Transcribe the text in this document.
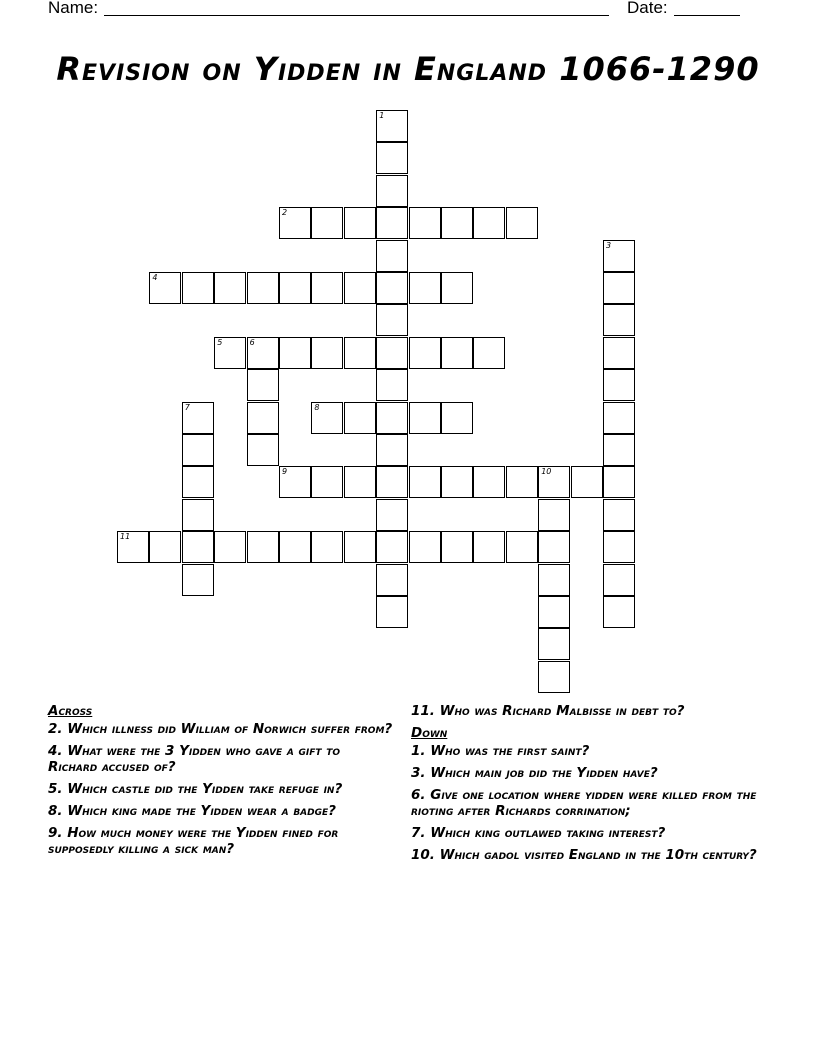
Name:	Date:
Revision on Yidden in England 1066-1290
2
4
5	6
8
9	10
11
1
3
7
Across
2. Which illness did William of Norwich suffer from?
4. What were the 3 Yidden who gave a gift to Richard accused of?
5. Which castle did the Yidden take refuge in?
8. Which king made the Yidden wear a badge?
9. How much money were the Yidden fined for supposedly killing a sick man?
11. Who was Richard Malbisse in debt to?
Down
1. Who was the first saint?
3. Which main job did the Yidden have?
6. Give one location where yidden were killed from the rioting after Richards corrination;
7. Which king outlawed taking interest?
10. Which gadol visited England in the 10th century?
